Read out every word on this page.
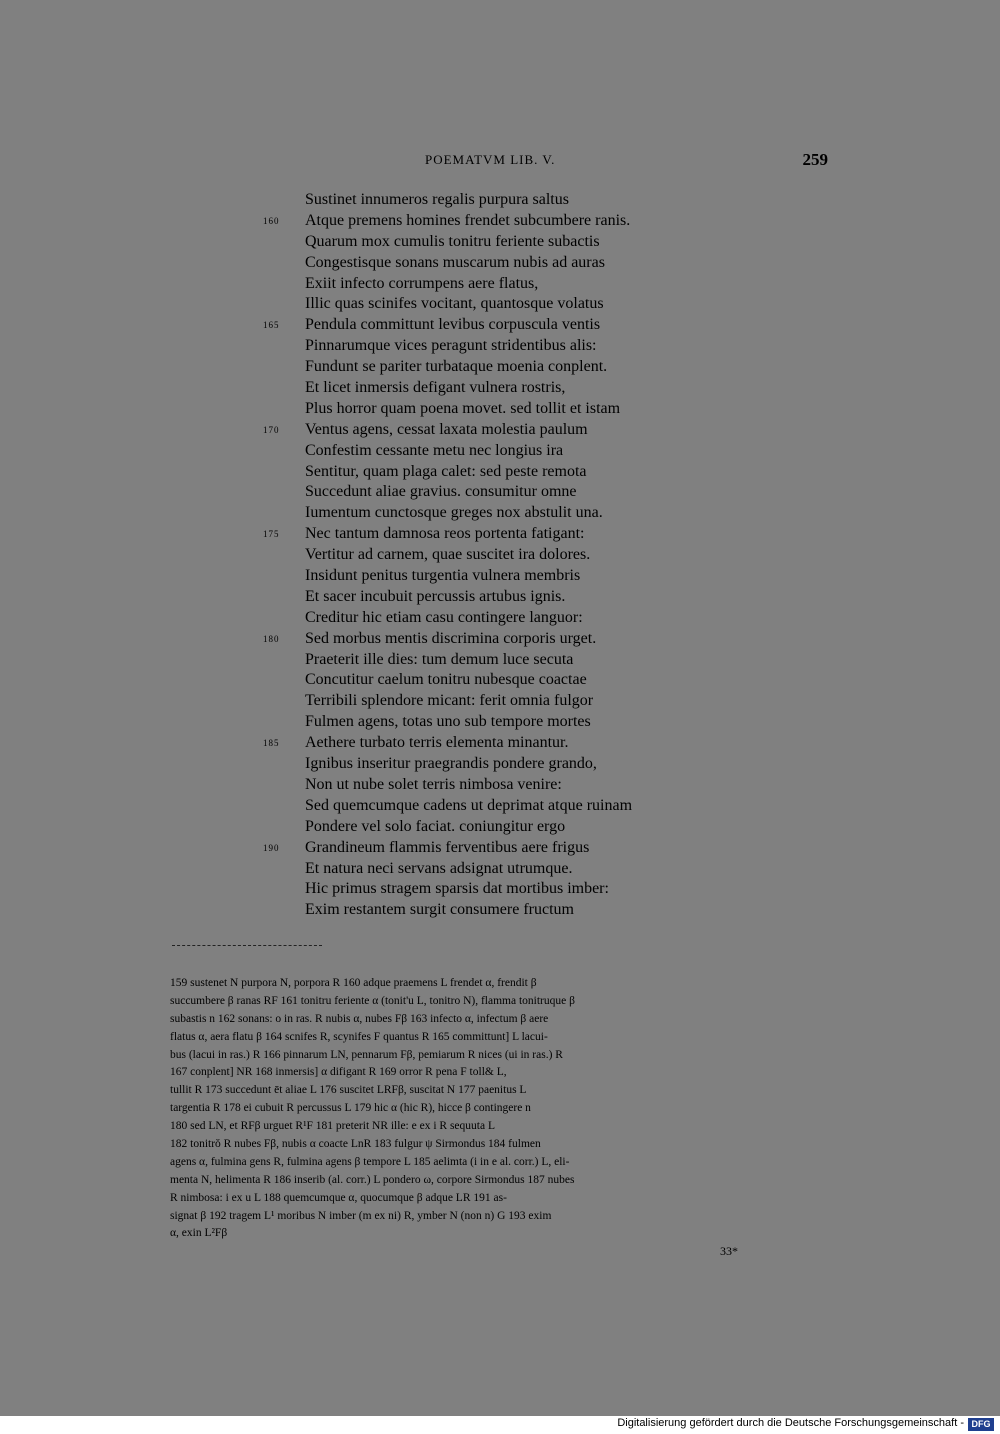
POEMATVM LIB. V.	259
Sustinet innumeros regalis purpura saltus
160 Atque premens homines frendet subcumbere ranis.
Quarum mox cumulis tonitru feriente subactis
Congestisque sonans muscarum nubis ad auras
Exiit infecto corrumpens aere flatus,
Illic quas scinifes vocitant, quantosque volatus
165 Pendula committunt levibus corpuscula ventis
Pinnarumque vices peragunt stridentibus alis:
Fundunt se pariter turbataque moenia conplent.
Et licet inmersis defigant vulnera rostris,
Plus horror quam poena movet. sed tollit et istam
170 Ventus agens, cessat laxata molestia paulum
Confestim cessante metu nec longius ira
Sentitur, quam plaga calet: sed peste remota
Succedunt aliae gravius. consumitur omne
Iumentum cunctosque greges nox abstulit una.
175 Nec tantum damnosa reos portenta fatigant:
Vertitur ad carnem, quae suscitet ira dolores.
Insidunt penitus turgentia vulnera membris
Et sacer incubuit percussis artubus ignis.
Creditur hic etiam casu contingere languor:
180 Sed morbus mentis discrimina corporis urget.
Praeterit ille dies: tum demum luce secuta
Concutitur caelum tonitru nubesque coactae
Terribili splendore micant: ferit omnia fulgor
Fulmen agens, totas uno sub tempore mortes
185 Aethere turbato terris elementa minantur.
Ignibus inseritur praegrandis pondere grando,
Non ut nube solet terris nimbosa venire:
Sed quemcumque cadens ut deprimat atque ruinam
Pondere vel solo faciat. coniungitur ergo
190 Grandineum flammis ferventibus aere frigus
Et natura neci servans adsignat utrumque.
Hic primus stragem sparsis dat mortibus imber:
Exim restantem surgit consumere fructum
159 sustenet N purpora N, porpora R 160 adque praemens L frendet α, frendit β
succumbere β ranas RF 161 tonitru feriente α (tonit'u L, tonitro N), flamma tonitruque β
subastis n 162 sonans: o in ras. R nubis α, nubes Fβ 163 infecto α, infectum β aere
flatus α, aera flatu β 164 scnifes R, scynifes F quantus R 165 committunt] L lacui-
bus (lacui in ras.) R 166 pinnarum LN, pennarum Fβ, pemiarum R nices (ui in ras.) R
167 conplent] NR 168 inmersis] α difigant R 169 orror R pena F toll& L,
tullit R 173 succedunt ēt aliae L 176 suscitet LRFβ, suscitat N 177 paenitus L
targentia R 178 ei cubuit R percussus L 179 hic α (hic R), hicce β contingere n
180 sed LN, et RFβ urguet R¹F 181 preterit NR ille: e ex i R sequuta L
182 tonitrŏ R nubes Fβ, nubis α coacte LnR 183 fulgur ψ Sirmondus 184 fulmen
agens α, fulmina gens R, fulmina agens β tempore L 185 aelimta (i in e al. corr.) L, eli-
menta N, helimenta R 186 inserib (al. corr.) L pondero ω, corpore Sirmondus 187 nubes
R nimbosa: i ex u L 188 quemcumque α, quocumque β adque LR 191 as-
signat β 192 tragem L¹ moribus N imber (m ex ni) R, ymber N (non n) G 193 exim
α, exin L²Fβ
33*
Digitalisierung gefördert durch die Deutsche Forschungsgemeinschaft - DFG
